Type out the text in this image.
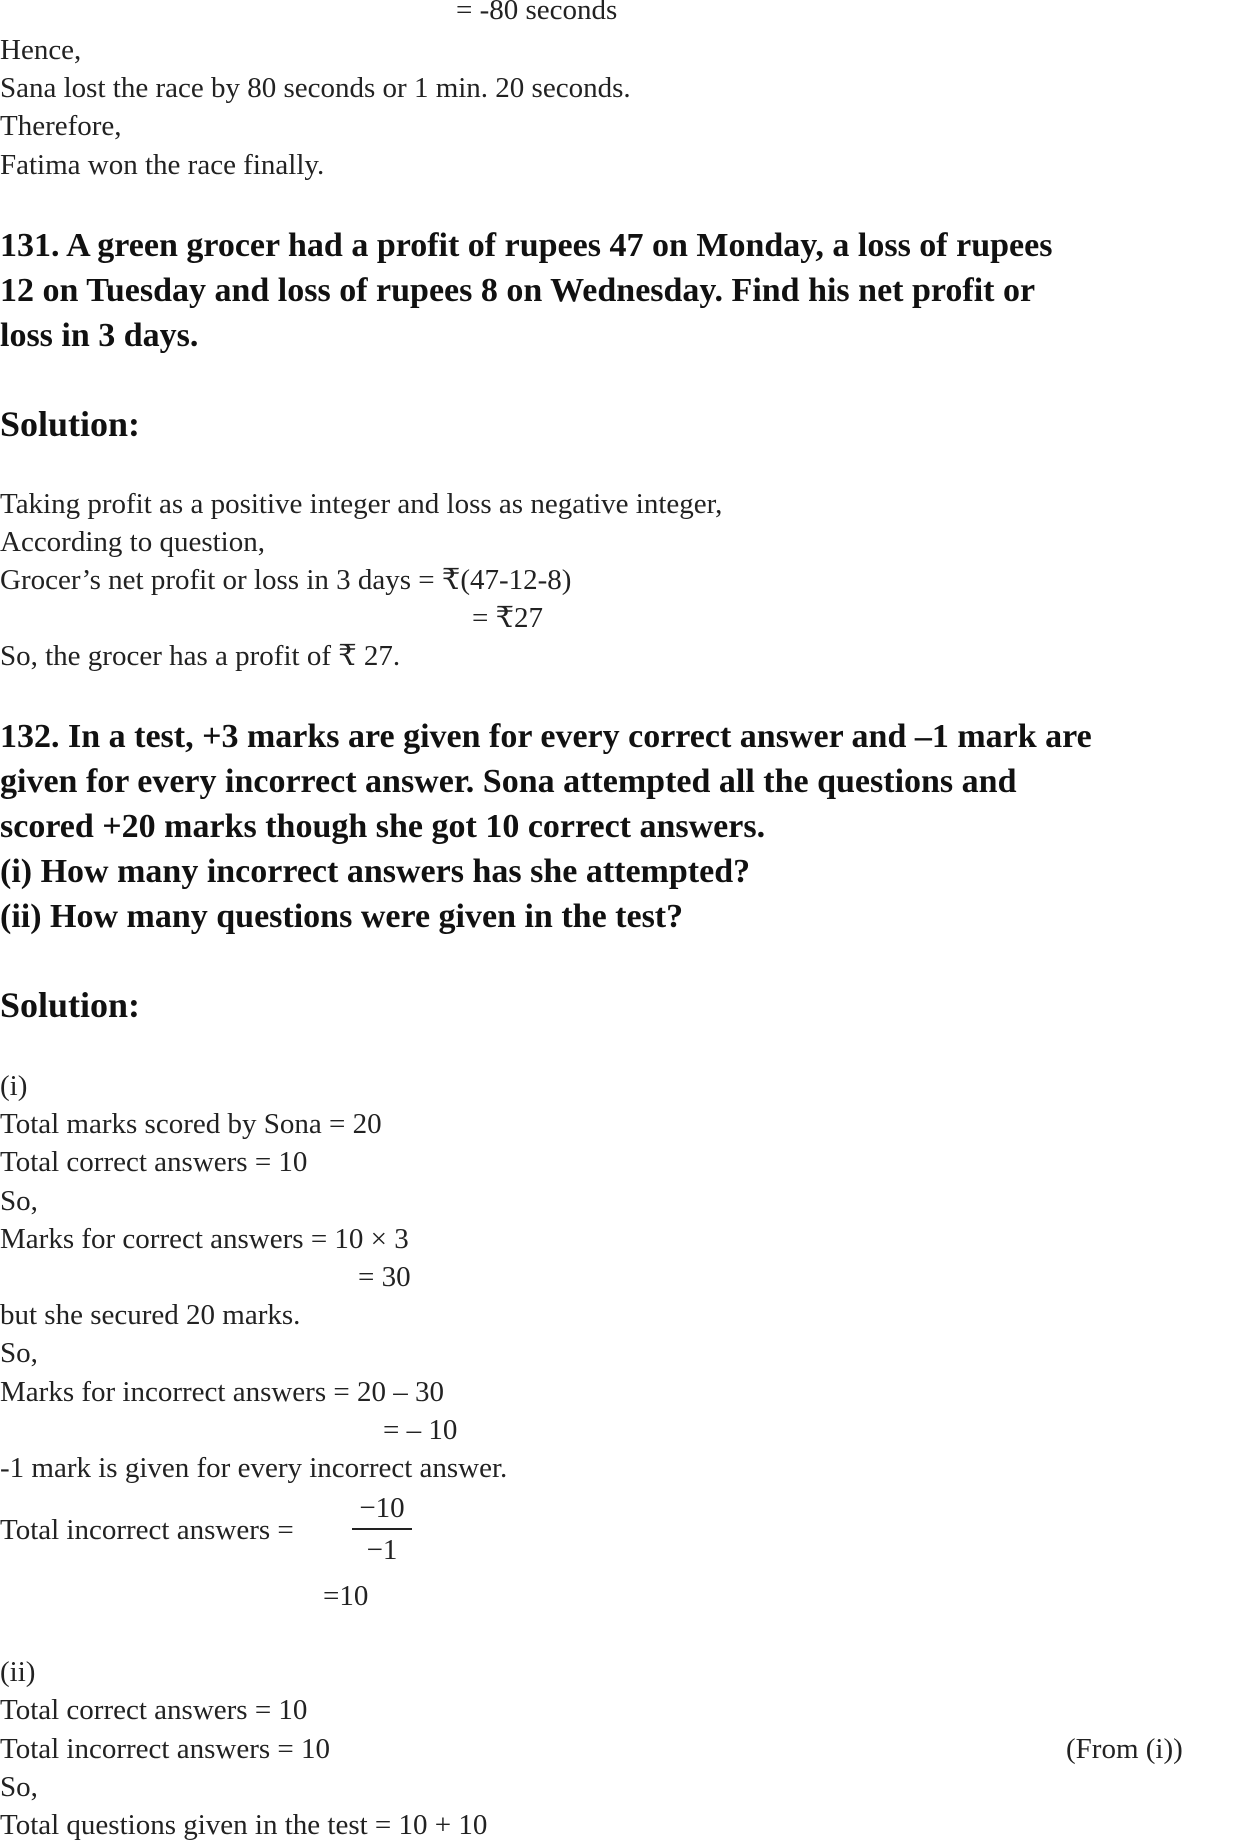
= -80 seconds
Hence,
Sana lost the race by 80 seconds or 1 min. 20 seconds.
Therefore,
Fatima won the race finally.
131. A green grocer had a profit of rupees 47 on Monday, a loss of rupees
12 on Tuesday and loss of rupees 8 on Wednesday. Find his net profit or
loss in 3 days.
Solution:
Taking profit as a positive integer and loss as negative integer,
According to question,
Grocer’s net profit or loss in 3 days = ₹(47-12-8)
= ₹27
So, the grocer has a profit of ₹ 27.
132. In a test, +3 marks are given for every correct answer and –1 mark are
given for every incorrect answer. Sona attempted all the questions and
scored +20 marks though she got 10 correct answers.
(i) How many incorrect answers has she attempted?
(ii) How many questions were given in the test?
Solution:
(i)
Total marks scored by Sona = 20
Total correct answers = 10
So,
Marks for correct answers = 10 × 3
= 30
but she secured 20 marks.
So,
Marks for incorrect answers = 20 – 30
= – 10
-1 mark is given for every incorrect answer.
Total incorrect answers =
−10
−1
=10
(ii)
Total correct answers = 10
Total incorrect answers = 10	(From (i))
So,
Total questions given in the test = 10 + 10
